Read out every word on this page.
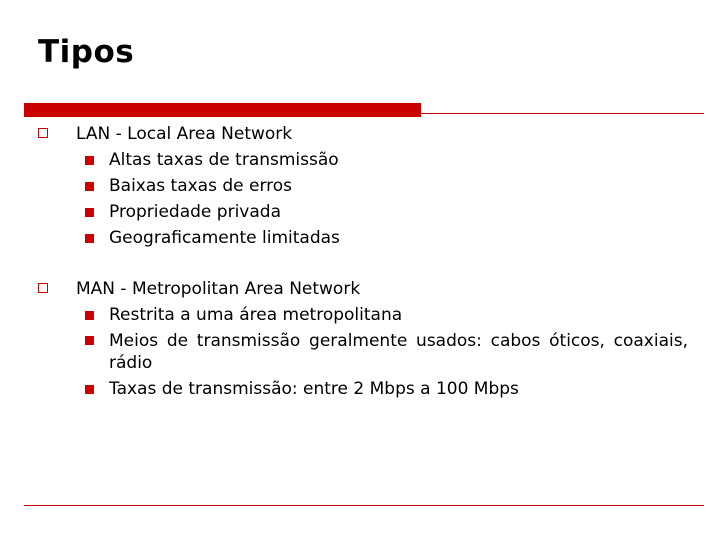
Tipos
LAN - Local Area Network
Altas taxas de transmissão
Baixas taxas de erros
Propriedade privada
Geograficamente limitadas
MAN - Metropolitan Area Network
Restrita a uma área metropolitana
Meios de transmissão geralmente usados: cabos óticos, coaxiais, rádio
Taxas de transmissão: entre 2 Mbps a 100 Mbps
